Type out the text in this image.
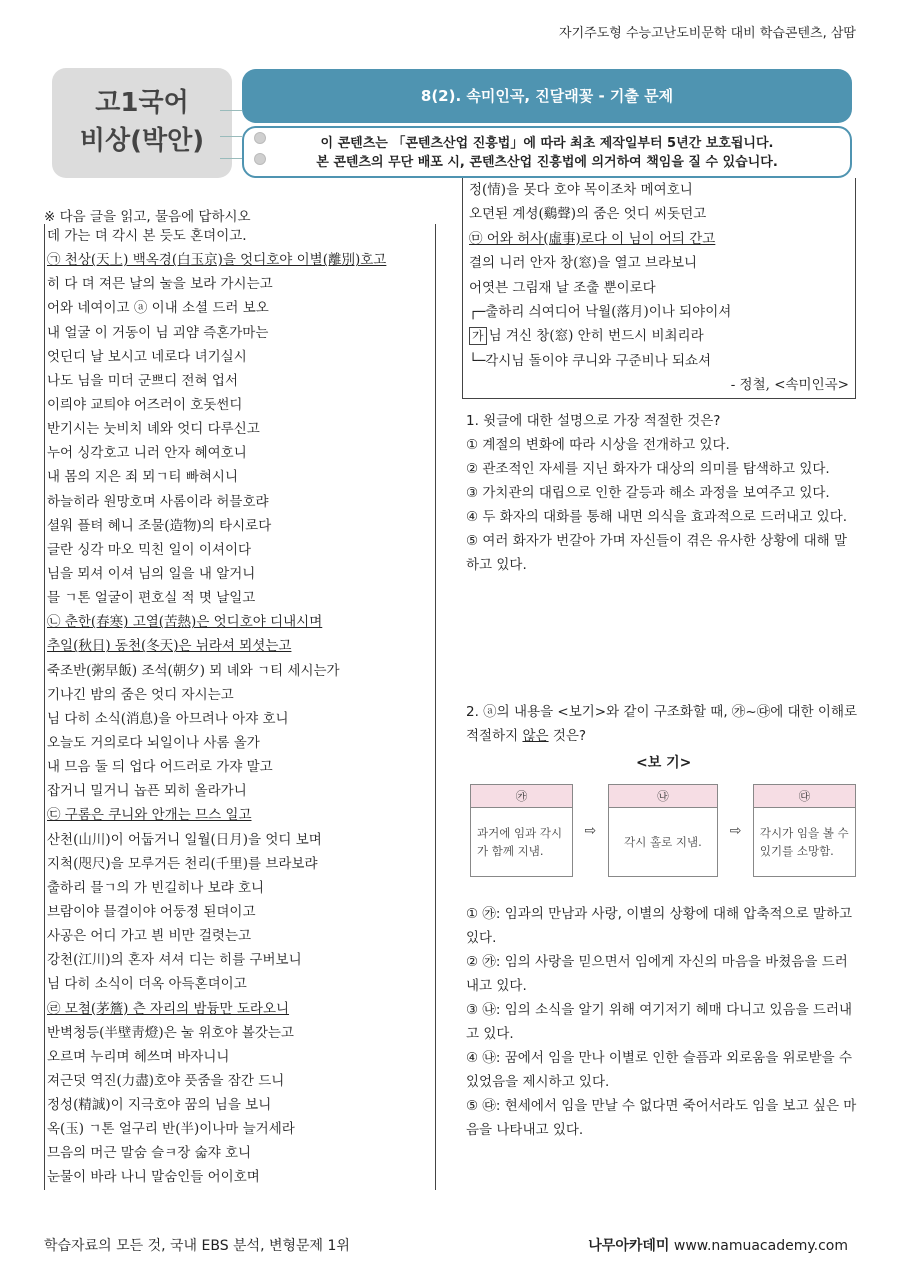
자기주도형 수능고난도비문학 대비 학습콘텐츠, 삼땀
고1국어
비상(박안)
8(2). 속미인곡, 진달래꽃 - 기출 문제
이 콘텐츠는 「콘텐츠산업 진흥법」에 따라 최초 제작일부터 5년간 보호됩니다.
본 콘텐츠의 무단 배포 시, 콘텐츠산업 진흥법에 의거하여 책임을 질 수 있습니다.
※ 다음 글을 읽고, 물음에 답하시오
데 가는 뎌 각시 본 듯도 혼뎌이고.
㉠ 천상(天上) 백옥경(白玉京)을 엇디호야 이별(離別)호고
히 다 뎌 져믄 날의 눌을 보라 가시는고
어와 네여이고 ⓐ 이내 소셜 드러 보오
내 얼굴 이 거동이 님 괴얌 즉혼가마는
엇딘디 날 보시고 네로다 녀기실시
나도 님을 미더 군쁘디 전혀 업서
이릐야 교틔야 어즈러이 호돗썬디
반기시는 눗비치 녜와 엇디 다루신고
누어 싱각호고 니러 안자 혜여호니
내 몸의 지은 죄 뫼ㄱ티 빠혀시니
하늘히라 원망호며 사롬이라 허믈호랴
셜워 플텨 혜니 조물(造物)의 타시로다
글란 싱각 마오 믹친 일이 이셔이다
님을 뫼셔 이셔 님의 일을 내 알거니
믈 ㄱ톤 얼굴이 편호실 적 몃 날일고
㉡ 춘한(春寒) 고열(苦熱)은 엇디호야 디내시며
추일(秋日) 동천(冬天)은 뉘라셔 뫼셧는고
죽조반(粥早飯) 조석(朝夕) 뫼 녜와 ㄱ티 세시는가
기나긴 밤의 줌은 엇디 자시는고
님 다히 소식(消息)을 아므려나 아쟈 호니
오늘도 거의로다 뇌일이나 사롬 올가
내 므음 둘 듸 업다 어드러로 가쟈 말고
잡거니 밀거니 놉픈 뫼히 올라가니
㉢ 구롬은 쿠니와 안개는 므스 일고
산천(山川)이 어둡거니 일월(日月)을 엇디 보며
지척(咫尺)을 모루거든 천리(千里)를 브라보랴
출하리 믈ㄱ의 가 빈길히나 보랴 호니
브람이야 믈결이야 어둥졍 된뎌이고
사공은 어디 가고 븬 비만 걸렷는고
강천(江川)의 혼자 셔셔 디는 히를 구버보니
님 다히 소식이 더옥 아득혼뎌이고
㉣ 모쳠(茅簷) 츤 자리의 밤듕만 도라오니
반벽청등(半壁靑燈)은 눌 위호야 볼갓는고
오르며 누리며 헤쓰며 바자니니
져근덧 역진(力盡)호야 픗줌을 잠간 드니
정성(精誠)이 지극호야 꿈의 님을 보니
옥(玉) ㄱ톤 얼구리 반(半)이나마 늘거세라
므음의 머근 말숨 슬ㅋ장 숣쟈 호니
눈물이 바라 나니 말숨인들 어이호며
정(情)을 못다 호야 목이조차 메여호니
오뎐된 계셩(鷄聲)의 줌은 엇디 씨돗던고
㉤ 어와 허사(虛事)로다 이 님이 어듸 간고
결의 니러 안자 창(窓)을 열고 브라보니
어엿븐 그림재 날 조출 뿐이로다
┌─출하리 싀여디어 낙월(落月)이나 되야이셔
가 님 겨신 창(窓) 안히 번드시 비최리라
└─각시님 돌이야 쿠니와 구준비나 되쇼셔
- 정철, <속미인곡>
1. 윗글에 대한 설명으로 가장 적절한 것은?
① 계절의 변화에 따라 시상을 전개하고 있다.
② 관조적인 자세를 지닌 화자가 대상의 의미를 탐색하고 있다.
③ 가치관의 대립으로 인한 갈등과 해소 과정을 보여주고 있다.
④ 두 화자의 대화를 통해 내면 의식을 효과적으로 드러내고 있다.
⑤ 여러 화자가 번갈아 가며 자신들이 겪은 유사한 상황에 대해 말하고 있다.
2. ⓐ의 내용을 <보기>와 같이 구조화할 때, ㉮~㉰에 대한 이해로 적절하지 않은 것은?
<보 기>
㉮	⇨	㉯	⇨	㉰
과거에 임과 각시가 함께 지냄.		각시 홀로 지냄.		각시가 임을 볼 수 있기를 소망함.
① ㉮: 임과의 만남과 사랑, 이별의 상황에 대해 압축적으로 말하고 있다.
② ㉮: 임의 사랑을 믿으면서 임에게 자신의 마음을 바쳤음을 드러내고 있다.
③ ㉯: 임의 소식을 알기 위해 여기저기 헤매 다니고 있음을 드러내고 있다.
④ ㉯: 꿈에서 임을 만나 이별로 인한 슬픔과 외로움을 위로받을 수 있었음을 제시하고 있다.
⑤ ㉰: 현세에서 임을 만날 수 없다면 죽어서라도 임을 보고 싶은 마음을 나타내고 있다.
학습자료의 모든 것, 국내 EBS 분석, 변형문제 1위	나무아카데미 www.namuacademy.com
